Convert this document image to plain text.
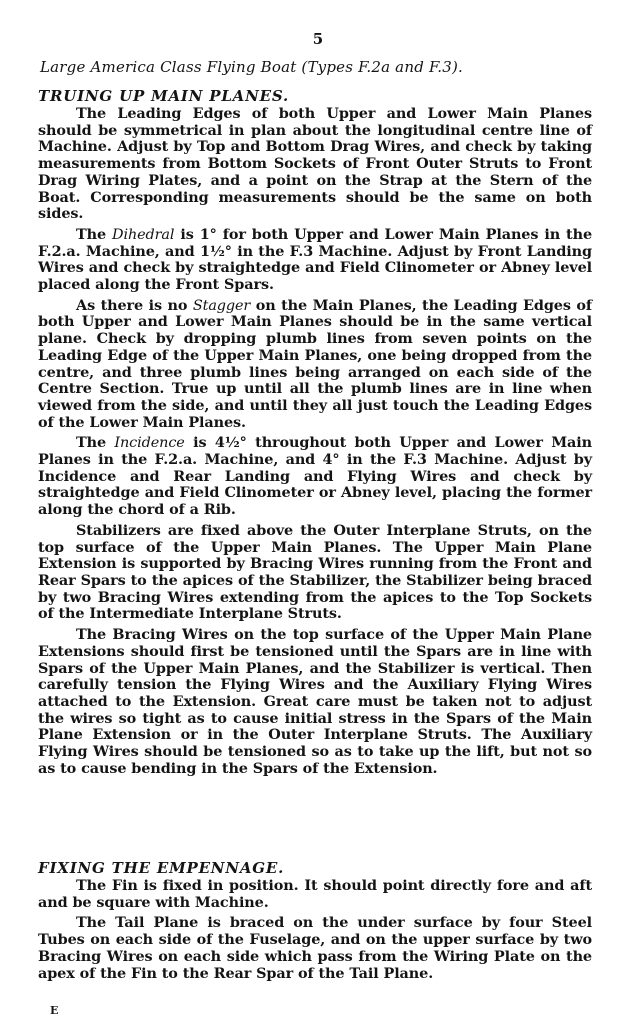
5
Large America Class Flying Boat (Types F.2a and F.3).
TRUING UP MAIN PLANES.

The Leading Edges of both Upper and Lower Main Planes should be symmetrical in plan about the longitudinal centre line of Machine. Adjust by Top and Bottom Drag Wires, and check by taking measurements from Bottom Sockets of Front Outer Struts to Front Drag Wiring Plates, and a point on the Strap at the Stern of the Boat. Corresponding measurements should be the same on both sides.

The Dihedral is 1° for both Upper and Lower Main Planes in the F.2.a. Machine, and 1½° in the F.3 Machine. Adjust by Front Landing Wires and check by straightedge and Field Clinometer or Abney level placed along the Front Spars.

As there is no Stagger on the Main Planes, the Leading Edges of both Upper and Lower Main Planes should be in the same vertical plane. Check by dropping plumb lines from seven points on the Leading Edge of the Upper Main Planes, one being dropped from the centre, and three plumb lines being arranged on each side of the Centre Section. True up until all the plumb lines are in line when viewed from the side, and until they all just touch the Leading Edges of the Lower Main Planes.

The Incidence is 4½° throughout both Upper and Lower Main Planes in the F.2.a. Machine, and 4° in the F.3 Machine. Adjust by Incidence and Rear Landing and Flying Wires and check by straightedge and Field Clinometer or Abney level, placing the former along the chord of a Rib.

Stabilizers are fixed above the Outer Interplane Struts, on the top surface of the Upper Main Planes. The Upper Main Plane Extension is supported by Bracing Wires running from the Front and Rear Spars to the apices of the Stabilizer, the Stabilizer being braced by two Bracing Wires extending from the apices to the Top Sockets of the Intermediate Interplane Struts.

The Bracing Wires on the top surface of the Upper Main Plane Extensions should first be tensioned until the Spars are in line with Spars of the Upper Main Planes, and the Stabilizer is vertical. Then carefully tension the Flying Wires and the Auxiliary Flying Wires attached to the Extension. Great care must be taken not to adjust the wires so tight as to cause initial stress in the Spars of the Main Plane Extension or in the Outer Interplane Struts. The Auxiliary Flying Wires should be tensioned so as to take up the lift, but not so as to cause bending in the Spars of the Extension.

FIXING THE EMPENNAGE.

The Fin is fixed in position. It should point directly fore and aft and be square with Machine.

The Tail Plane is braced on the under surface by four Steel Tubes on each side of the Fuselage, and on the upper surface by two Bracing Wires on each side which pass from the Wiring Plate on the apex of the Fin to the Rear Spar of the Tail Plane.

E
